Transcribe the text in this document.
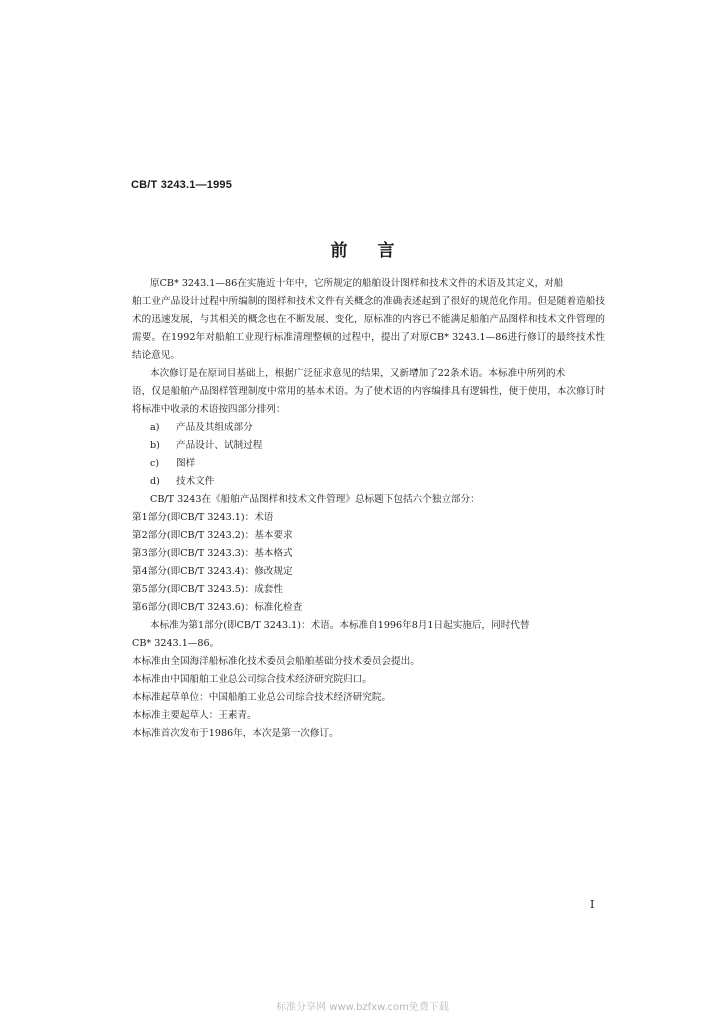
CB/T 3243.1—1995
前言

原CB* 3243.1—86在实施近十年中，它所规定的船舶设计图样和技术文件的术语及其定义，对船

舶工业产品设计过程中所编制的图样和技术文件有关概念的准确表述起到了很好的规范化作用。但是随着造船技术的迅速发展，与其相关的概念也在不断发展、变化，原标准的内容已不能满足船舶产品图样和技术文件管理的需要。在1992年对船舶工业现行标准清理整顿的过程中，提出了对原CB* 3243.1—86进行修订的最终技术性结论意见。

本次修订是在原词目基础上，根据广泛征求意见的结果，又新增加了22条术语。本标准中所列的术

语，仅是船舶产品图样管理制度中常用的基本术语。为了使术语的内容编排具有逻辑性，便于使用，本次修订时将标准中收录的术语按四部分排列：

a)	产品及其组成部分
b)	产品设计、试制过程
c)	图样
d)	技术文件

CB/T 3243在《船舶产品图样和技术文件管理》总标题下包括六个独立部分：

第1部分(即CB/T 3243.1)：术语

第2部分(即CB/T 3243.2)：基本要求

第3部分(即CB/T 3243.3)：基本格式

第4部分(即CB/T 3243.4)：修改规定

第5部分(即CB/T 3243.5)：成套性

第6部分(即CB/T 3243.6)：标准化检查

本标准为第1部分(即CB/T 3243.1)：术语。本标准自1996年8月1日起实施后，同时代替

CB* 3243.1—86。

本标准由全国海洋船标准化技术委员会船舶基础分技术委员会提出。

本标准由中国船舶工业总公司综合技术经济研究院归口。

本标准起草单位：中国船舶工业总公司综合技术经济研究院。

本标准主要起草人：王素青。

本标准首次发布于1986年，本次是第一次修订。

I
标准分享网 www.bzfxw.com免费下载
